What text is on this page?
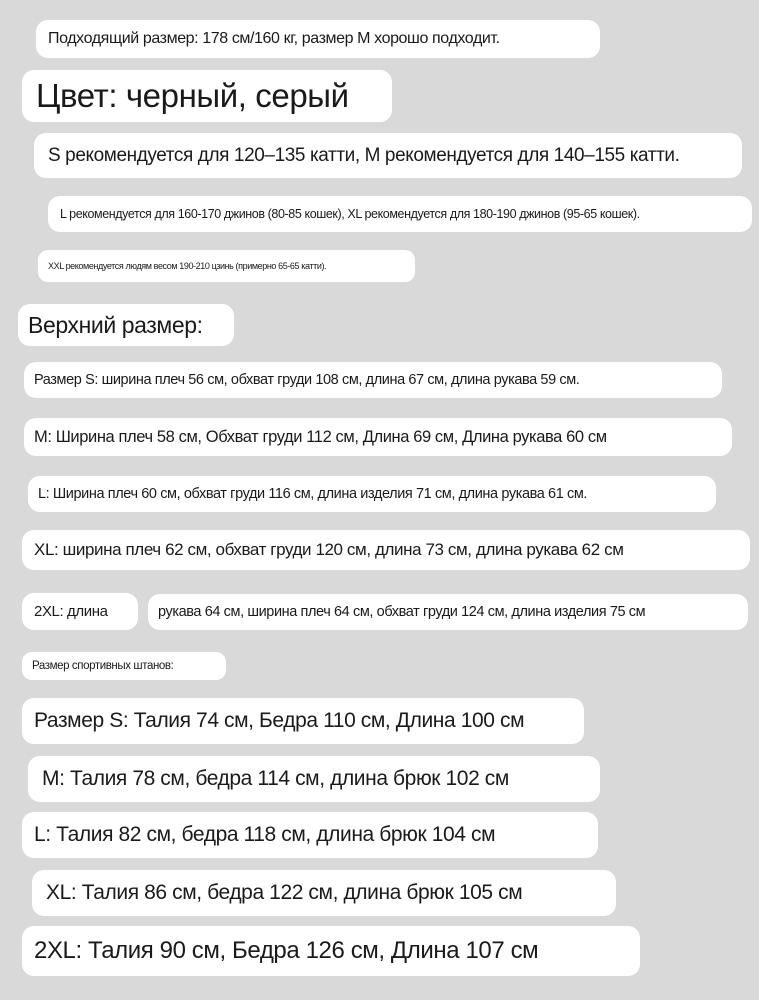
Подходящий размер: 178 см/160 кг, размер M хорошо подходит.
Цвет: черный, серый
S рекомендуется для 120–135 катти, M рекомендуется для 140–155 катти.
L рекомендуется для 160-170 джинов (80-85 кошек), XL рекомендуется для 180-190 джинов (95-65 кошек).
XXL рекомендуется людям весом 190-210 цзинь (примерно 65-65 катти).
Верхний размер:
Размер S: ширина плеч 56 см, обхват груди 108 см, длина 67 см, длина рукава 59 см.
M: Ширина плеч 58 см, Обхват груди 112 см, Длина 69 см, Длина рукава 60 см
L: Ширина плеч 60 см, обхват груди 116 см, длина изделия 71 см, длина рукава 61 см.
XL: ширина плеч 62 см, обхват груди 120 см, длина 73 см, длина рукава 62 см
2XL: длина	рукава 64 см, ширина плеч 64 см, обхват груди 124 см, длина изделия 75 см
Размер спортивных штанов:
Размер S: Талия 74 см, Бедра 110 см, Длина 100 см
M: Талия 78 см, бедра 114 см, длина брюк 102 см
L: Талия 82 см, бедра 118 см, длина брюк 104 см
XL: Талия 86 см, бедра 122 см, длина брюк 105 см
2XL: Талия 90 см, Бедра 126 см, Длина 107 см
